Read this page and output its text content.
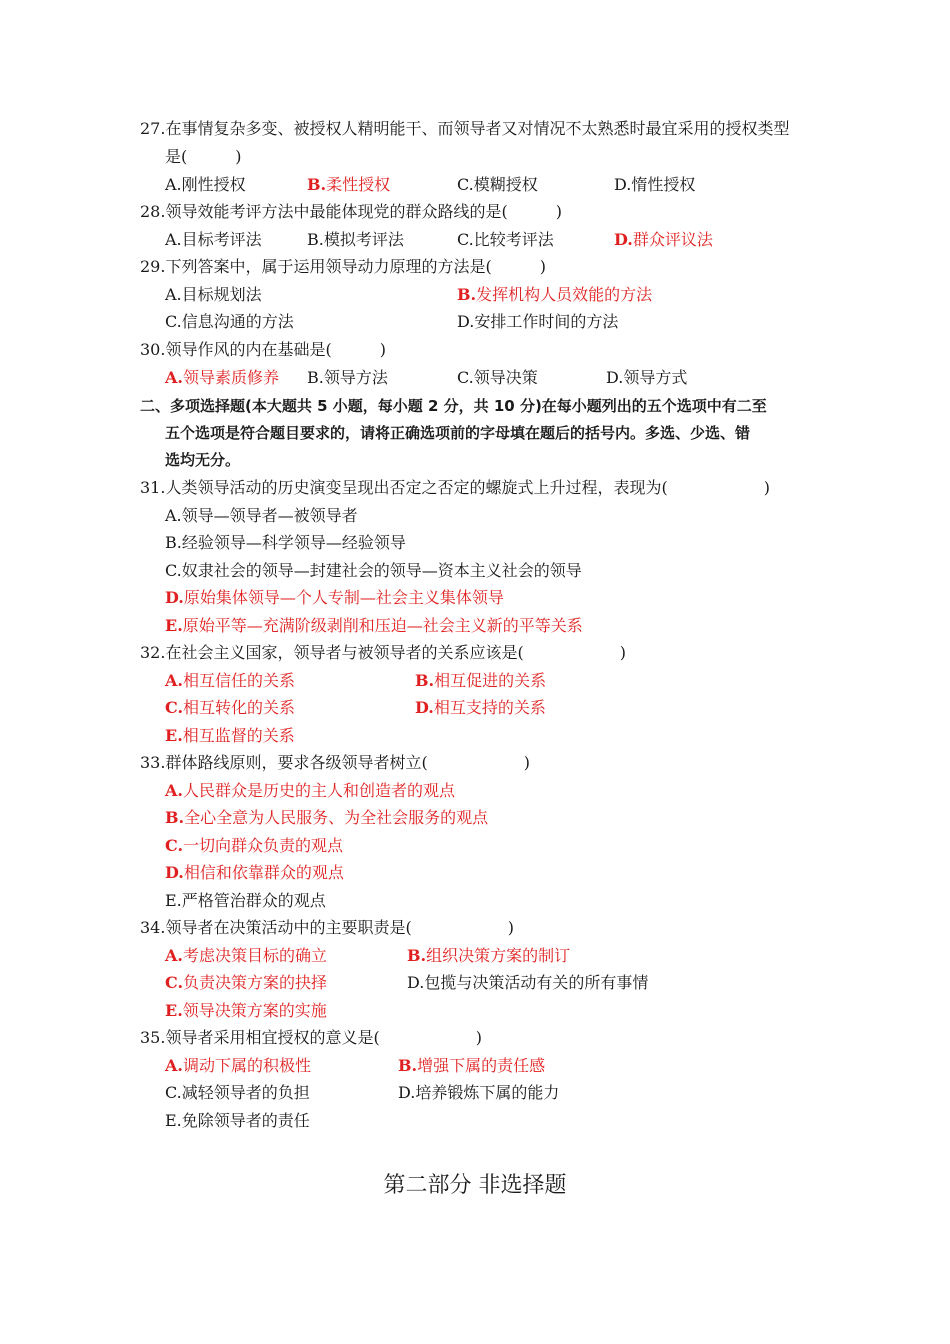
27.在事情复杂多变、被授权人精明能干、而领导者又对情况不太熟悉时最宜采用的授权类型
是(　　　)
A.刚性授权	B.柔性授权	C.模糊授权	D.惰性授权
28.领导效能考评方法中最能体现党的群众路线的是(　　　)
A.目标考评法	B.模拟考评法	C.比较考评法	D.群众评议法
29.下列答案中，属于运用领导动力原理的方法是(　　　)
A.目标规划法	B.发挥机构人员效能的方法
C.信息沟通的方法	D.安排工作时间的方法
30.领导作风的内在基础是(　　　)
A.领导素质修养 B.领导方法	C.领导决策	D.领导方式
二、多项选择题(本大题共 5 小题，每小题 2 分，共 10 分)在每小题列出的五个选项中有二至
五个选项是符合题目要求的，请将正确选项前的字母填在题后的括号内。多选、少选、错
选均无分。
31.人类领导活动的历史演变呈现出否定之否定的螺旋式上升过程，表现为(　　　　　　)
A.领导—领导者—被领导者
B.经验领导—科学领导—经验领导
C.奴隶社会的领导—封建社会的领导—资本主义社会的领导
D.原始集体领导—个人专制—社会主义集体领导
E.原始平等—充满阶级剥削和压迫—社会主义新的平等关系
32.在社会主义国家，领导者与被领导者的关系应该是(　　　　　　)
A.相互信任的关系	B.相互促进的关系
C.相互转化的关系	D.相互支持的关系
E.相互监督的关系
33.群体路线原则，要求各级领导者树立(　　　　　　)
A.人民群众是历史的主人和创造者的观点
B.全心全意为人民服务、为全社会服务的观点
C.一切向群众负责的观点
D.相信和依靠群众的观点
E.严格管治群众的观点
34.领导者在决策活动中的主要职责是(　　　　　　)
A.考虑决策目标的确立	B.组织决策方案的制订
C.负责决策方案的抉择	D.包揽与决策活动有关的所有事情
E.领导决策方案的实施
35.领导者采用相宜授权的意义是(　　　　　　)
A.调动下属的积极性	B.增强下属的责任感
C.减轻领导者的负担	D.培养锻炼下属的能力
E.免除领导者的责任
第二部分 非选择题
